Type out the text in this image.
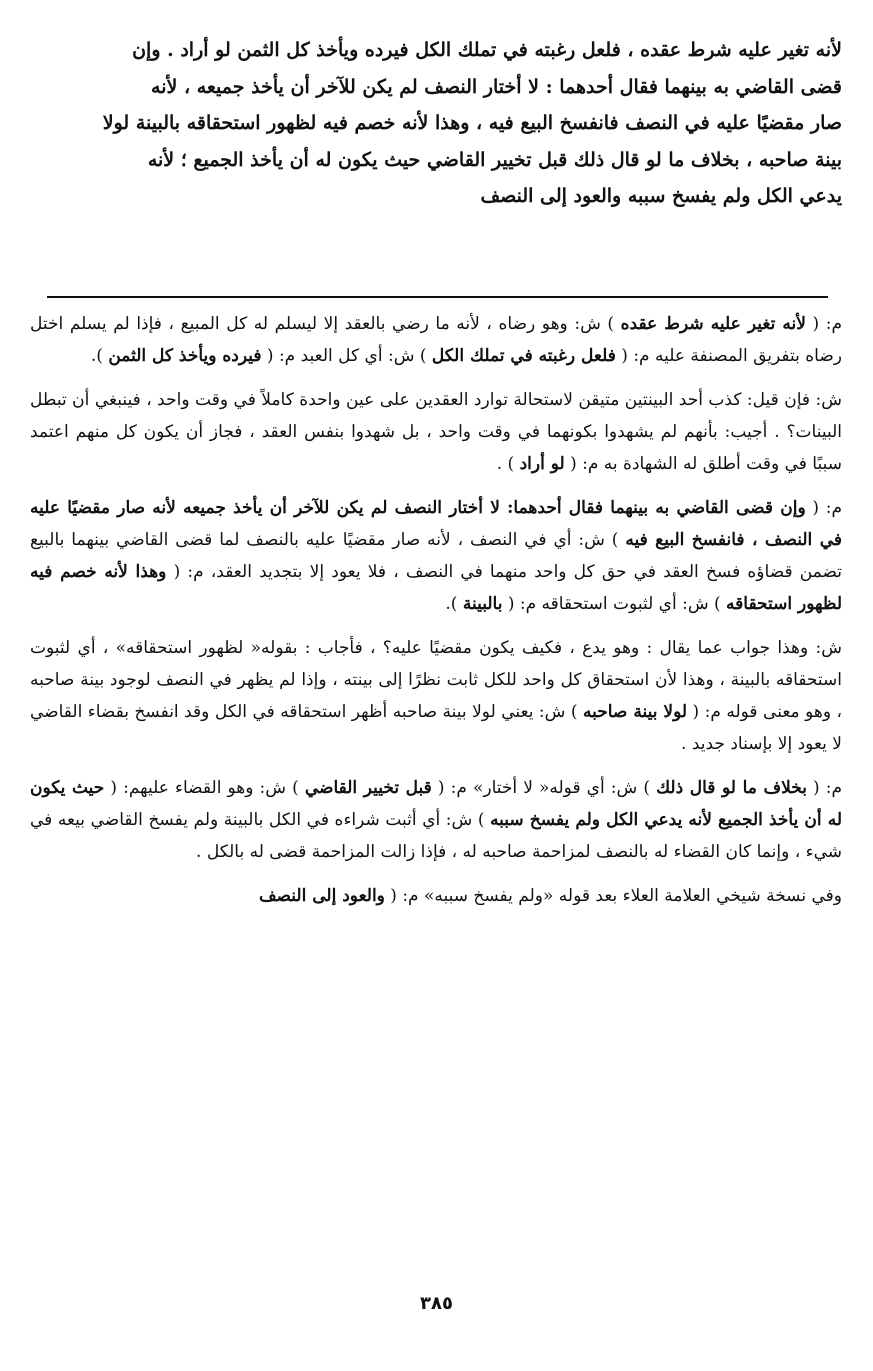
لأنه تغير عليه شرط عقده ، فلعل رغبته في تملك الكل فيرده ويأخذ كل الثمن لو أراد . وإن
قضى القاضي به بينهما فقال أحدهما : لا أختار النصف لم يكن للآخر أن يأخذ جميعه ، لأنه
صار مقضيًا عليه في النصف فانفسخ البيع فيه ، وهذا لأنه خصم فيه لظهور استحقاقه بالبينة لولا
بينة صاحبه ، بخلاف ما لو قال ذلك قبل تخيير القاضي حيث يكون له أن يأخذ الجميع ؛ لأنه
يدعي الكل ولم يفسخ سببه والعود إلى النصف

م: ( لأنه تغير عليه شرط عقده ) ش: وهو رضاه ، لأنه ما رضي بالعقد إلا ليسلم له كل المبيع ، فإذا لم يسلم اختل رضاه بتفريق المصنفة عليه م: ( فلعل رغبته في تملك الكل ) ش: أي كل العبد م: ( فيرده ويأخذ كل الثمن ).

ش: فإن قيل: كذب أحد البينتين متيقن لاستحالة توارد العقدين على عين واحدة كاملاً في وقت واحد ، فينبغي أن تبطل البينات؟ . أجيب: بأنهم لم يشهدوا بكونهما في وقت واحد ، بل شهدوا بنفس العقد ، فجاز أن يكون كل منهم اعتمد سببًا في وقت أطلق له الشهادة به م: ( لو أراد ) .

م: ( وإن قضى القاضي به بينهما فقال أحدهما: لا أختار النصف لم يكن للآخر أن يأخذ جميعه لأنه صار مقضيًا عليه في النصف ، فانفسخ البيع فيه ) ش: أي في النصف ، لأنه صار مقضيًا عليه بالنصف لما قضى القاضي بينهما بالبيع تضمن قضاؤه فسخ العقد في حق كل واحد منهما في النصف ، فلا يعود إلا بتجديد العقد، م: ( وهذا لأنه خصم فيه لظهور استحقاقه ) ش: أي لثبوت استحقاقه م: ( بالبينة ).

ش: وهذا جواب عما يقال : وهو يدع ، فكيف يكون مقضيًا عليه؟ ، فأجاب : بقوله« لظهور استحقاقه» ، أي لثبوت استحقاقه بالبينة ، وهذا لأن استحقاق كل واحد للكل ثابت نظرًا إلى بينته ، وإذا لم يظهر في النصف لوجود بينة صاحبه ، وهو معنى قوله م: ( لولا بينة صاحبه ) ش: يعني لولا بينة صاحبه أظهر استحقاقه في الكل وقد انفسخ بقضاء القاضي لا يعود إلا بإسناد جديد .

م: ( بخلاف ما لو قال ذلك ) ش: أي قوله« لا أختار» م: ( قبل تخيير القاضي ) ش: وهو القضاء عليهم: ( حيث يكون له أن يأخذ الجميع لأنه يدعي الكل ولم يفسخ سببه ) ش: أي أثبت شراءه في الكل بالبينة ولم يفسخ القاضي بيعه في شيء ، وإنما كان القضاء له بالنصف لمزاحمة صاحبه له ، فإذا زالت المزاحمة قضى له بالكل .

وفي نسخة شيخي العلامة العلاء بعد قوله «ولم يفسخ سببه» م: ( والعود إلى النصف

٣٨٥
